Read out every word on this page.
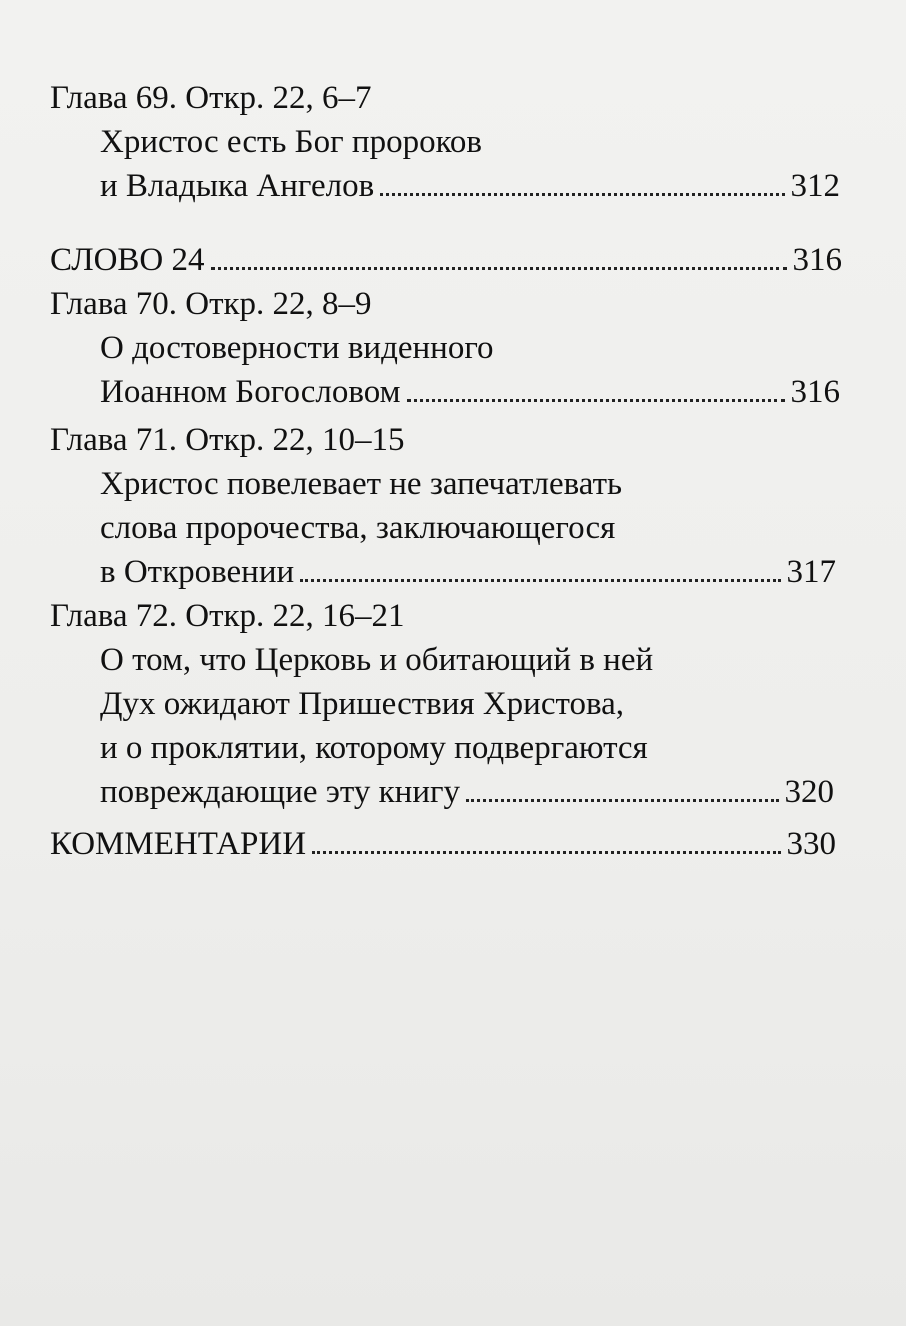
Глава 69. Откр. 22, 6–7
Христос есть Бог пророков
и Владыка Ангелов	312
СЛОВО 24	316
Глава 70. Откр. 22, 8–9
О достоверности виденного
Иоанном Богословом	316
Глава 71. Откр. 22, 10–15
Христос повелевает не запечатлевать
слова пророчества, заключающегося
в Откровении	317
Глава 72. Откр. 22, 16–21
О том, что Церковь и обитающий в ней
Дух ожидают Пришествия Христова,
и о проклятии, которому подвергаются
повреждающие эту книгу	320
КОММЕНТАРИИ	330
